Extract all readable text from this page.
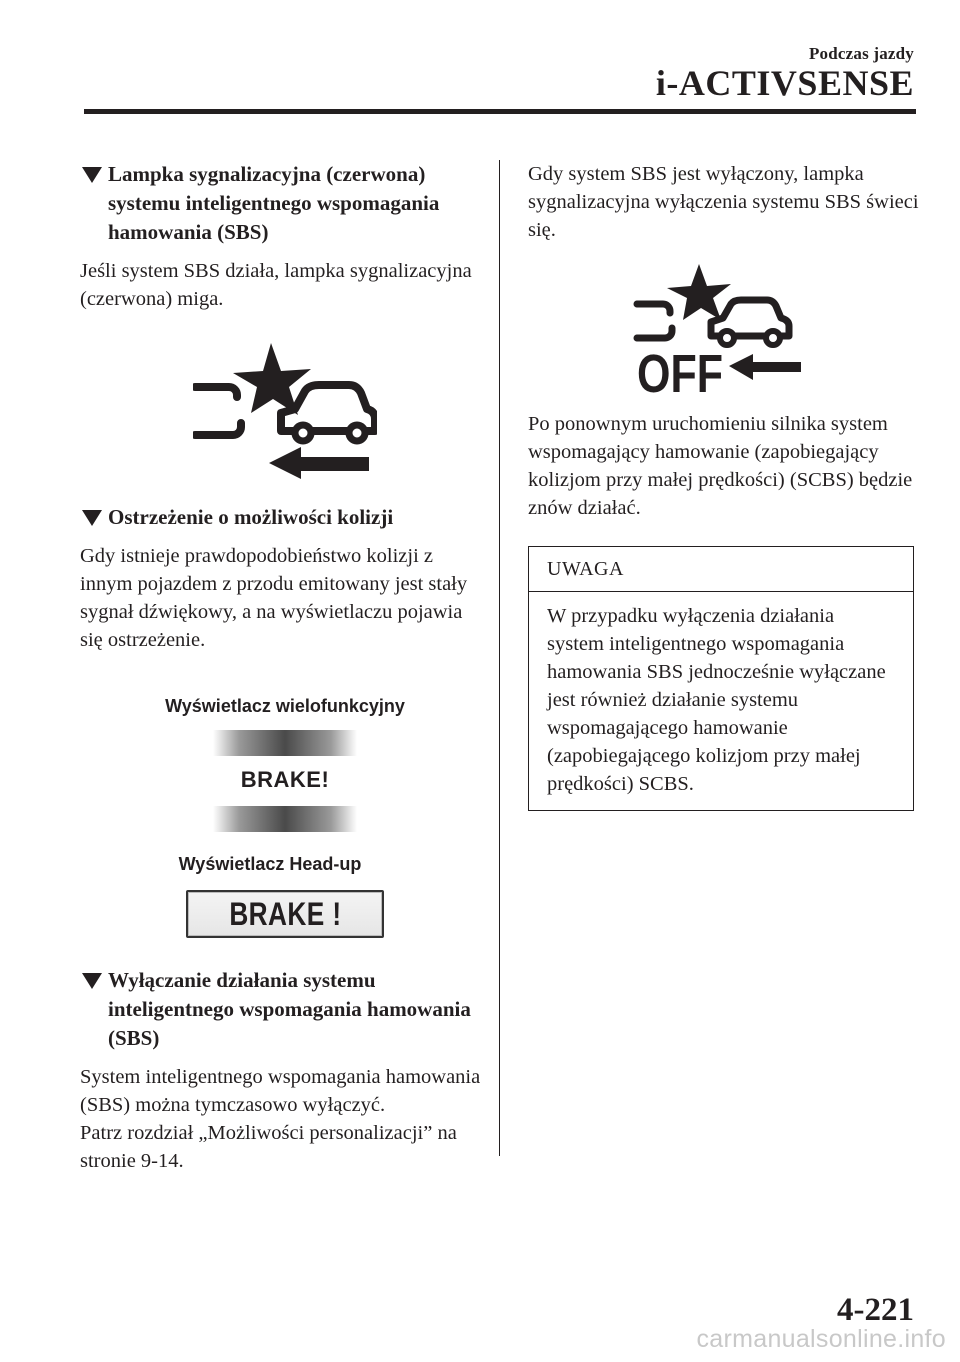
Podczas jazdy
i-ACTIVSENSE
Lampka sygnalizacyjna (czerwona) systemu inteligentnego wspomagania hamowania (SBS)

Jeśli system SBS działa, lampka sygnalizacyjna (czerwona) miga.

Ostrzeżenie o możliwości kolizji

Gdy istnieje prawdopodobieństwo kolizji z innym pojazdem z przodu emitowany jest stały sygnał dźwiękowy, a na wyświetlaczu pojawia się ostrzeżenie.

Wyświetlacz wielofunkcyjny
BRAKE!
Wyświetlacz Head-up
BRAKE !
Wyłączanie działania systemu inteligentnego wspomagania hamowania (SBS)

System inteligentnego wspomagania hamowania (SBS) można tymczasowo wyłączyć.

Patrz rozdział „Możliwości personalizacji” na stronie 9-14.

Gdy system SBS jest wyłączony, lampka sygnalizacyjna wyłączenia systemu SBS świeci się.

OFF

Po ponownym uruchomieniu silnika system wspomagający hamowanie (zapobiegający kolizjom przy małej prędkości) (SCBS) będzie znów działać.

UWAGA
W przypadku wyłączenia działania system inteligentnego wspomagania hamowania SBS jednocześnie wyłączane jest również działanie systemu wspomagającego hamowanie (zapobiegającego kolizjom przy małej prędkości) SCBS.
4-221
carmanualsonline.info
